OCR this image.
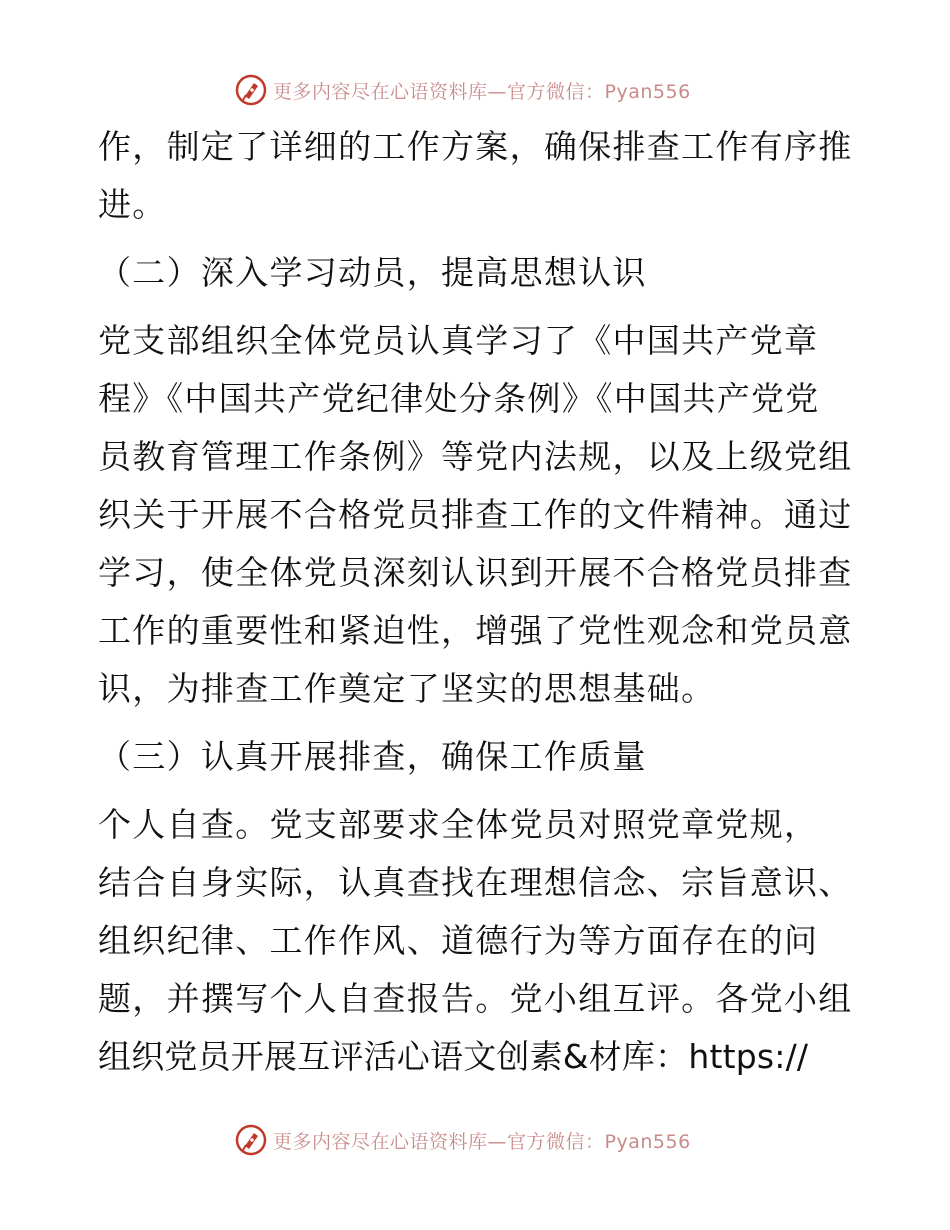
更多内容尽在心语资料库—官方微信：Pyan556
作，制定了详细的工作方案，确保排查工作有序推
进。
（二）深入学习动员，提高思想认识
党支部组织全体党员认真学习了《中国共产党章
程》《中国共产党纪律处分条例》《中国共产党党
员教育管理工作条例》等党内法规，以及上级党组
织关于开展不合格党员排查工作的文件精神。通过
学习，使全体党员深刻认识到开展不合格党员排查
工作的重要性和紧迫性，增强了党性观念和党员意
识，为排查工作奠定了坚实的思想基础。
（三）认真开展排查，确保工作质量
个人自查。党支部要求全体党员对照党章党规，
结合自身实际，认真查找在理想信念、宗旨意识、
组织纪律、工作作风、道德行为等方面存在的问
题，并撰写个人自查报告。党小组互评。各党小组
组织党员开展互评活心语文创素&材库：https://
更多内容尽在心语资料库—官方微信：Pyan556
